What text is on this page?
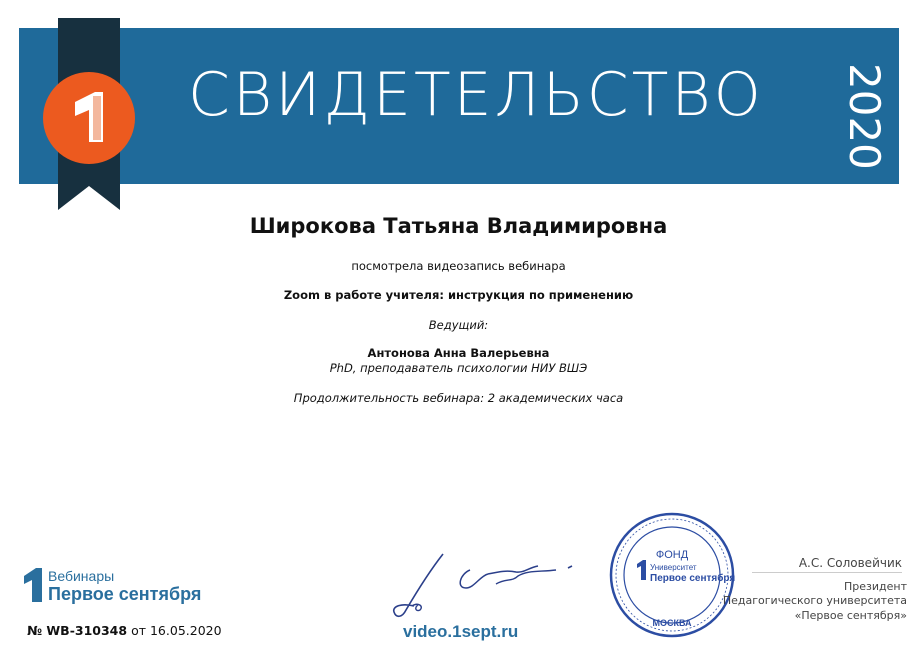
СВИДЕТЕЛЬСТВО 2020
Широкова Татьяна Владимировна
посмотрела видеозапись вебинара
Zoom в работе учителя: инструкция по применению
Ведущий:
Антонова Анна Валерьевна
PhD, преподаватель психологии НИУ ВШЭ
Продолжительность вебинара: 2 академических часа
Вебинары
Первое сентября
№ WB-310348 от 16.05.2020	video.1sept.ru
ФОНД
Университет
Первое сентября
МОСКВА
А.С. Соловейчик
Президент
Педагогического университета
«Первое сентября»
